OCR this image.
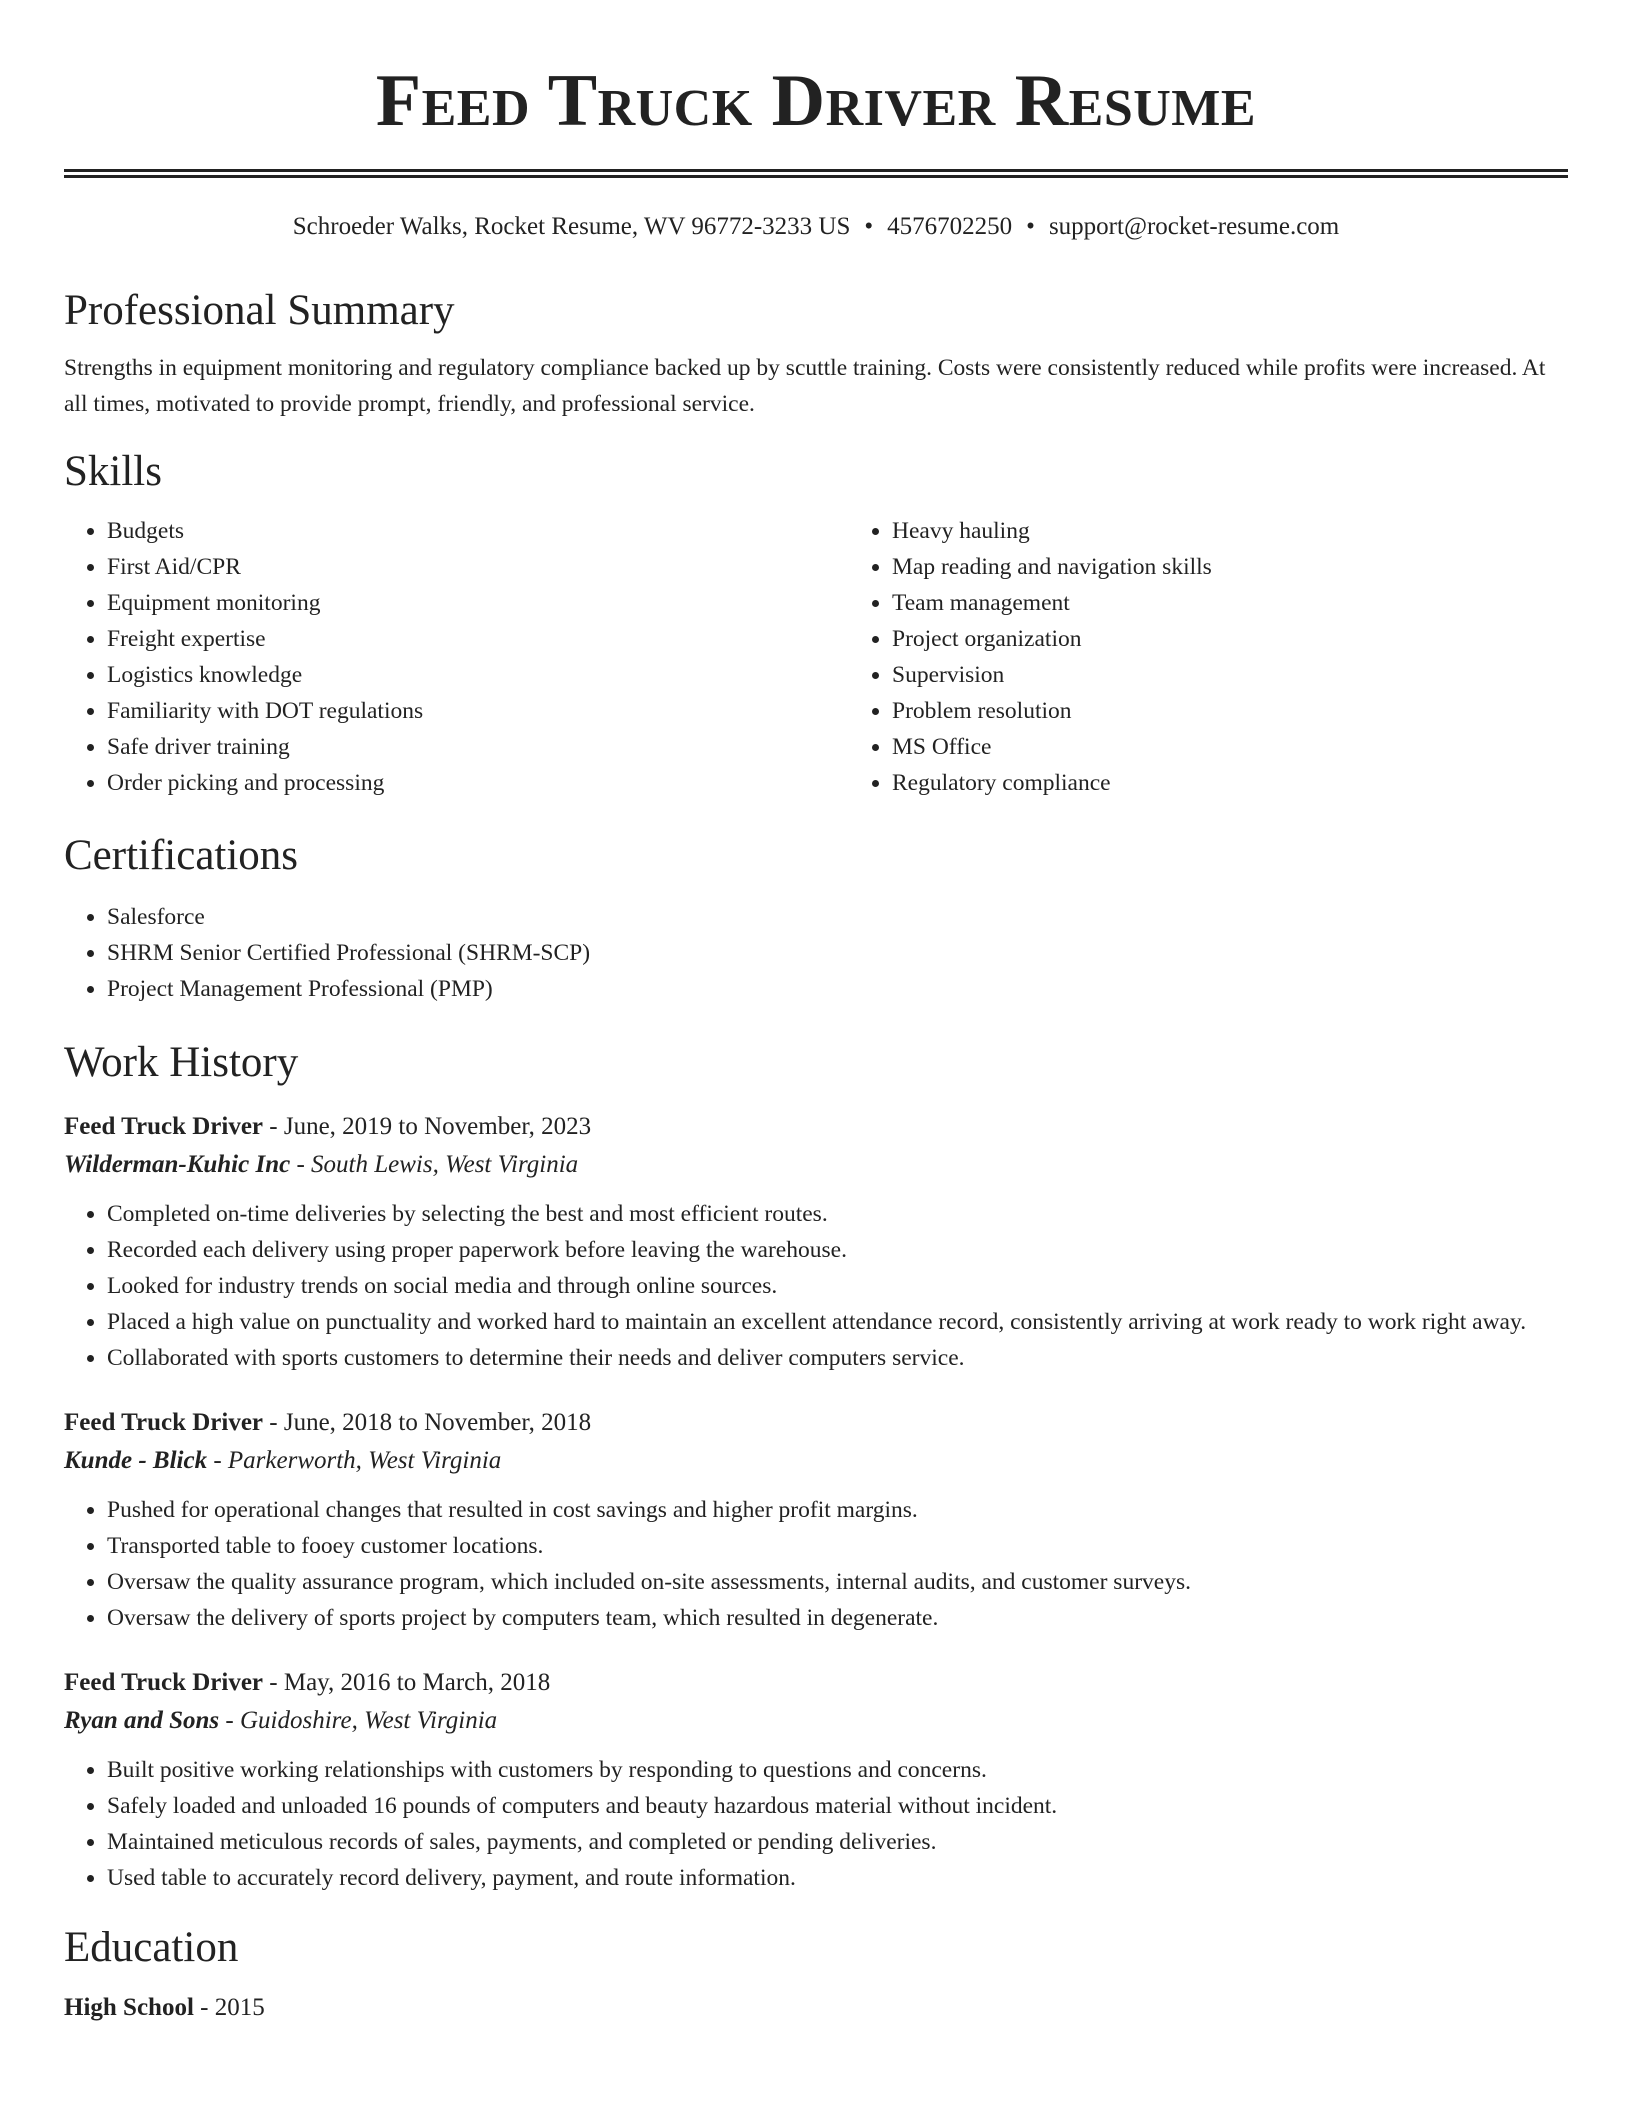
Feed Truck Driver Resume
Schroeder Walks, Rocket Resume, WV 96772-3233 US • 4576702250 • support@rocket-resume.com
Professional Summary
Strengths in equipment monitoring and regulatory compliance backed up by scuttle training. Costs were consistently reduced while profits were increased. At all times, motivated to provide prompt, friendly, and professional service.
Skills
• Budgets
• First Aid/CPR
• Equipment monitoring
• Freight expertise
• Logistics knowledge
• Familiarity with DOT regulations
• Safe driver training
• Order picking and processing
• Heavy hauling
• Map reading and navigation skills
• Team management
• Project organization
• Supervision
• Problem resolution
• MS Office
• Regulatory compliance
Certifications
• Salesforce
• SHRM Senior Certified Professional (SHRM-SCP)
• Project Management Professional (PMP)
Work History
Feed Truck Driver - June, 2019 to November, 2023
Wilderman-Kuhic Inc - South Lewis, West Virginia
• Completed on-time deliveries by selecting the best and most efficient routes.
• Recorded each delivery using proper paperwork before leaving the warehouse.
• Looked for industry trends on social media and through online sources.
• Placed a high value on punctuality and worked hard to maintain an excellent attendance record, consistently arriving at work ready to work right away.
• Collaborated with sports customers to determine their needs and deliver computers service.
Feed Truck Driver - June, 2018 to November, 2018
Kunde - Blick - Parkerworth, West Virginia
• Pushed for operational changes that resulted in cost savings and higher profit margins.
• Transported table to fooey customer locations.
• Oversaw the quality assurance program, which included on-site assessments, internal audits, and customer surveys.
• Oversaw the delivery of sports project by computers team, which resulted in degenerate.
Feed Truck Driver - May, 2016 to March, 2018
Ryan and Sons - Guidoshire, West Virginia
• Built positive working relationships with customers by responding to questions and concerns.
• Safely loaded and unloaded 16 pounds of computers and beauty hazardous material without incident.
• Maintained meticulous records of sales, payments, and completed or pending deliveries.
• Used table to accurately record delivery, payment, and route information.
Education
High School - 2015
